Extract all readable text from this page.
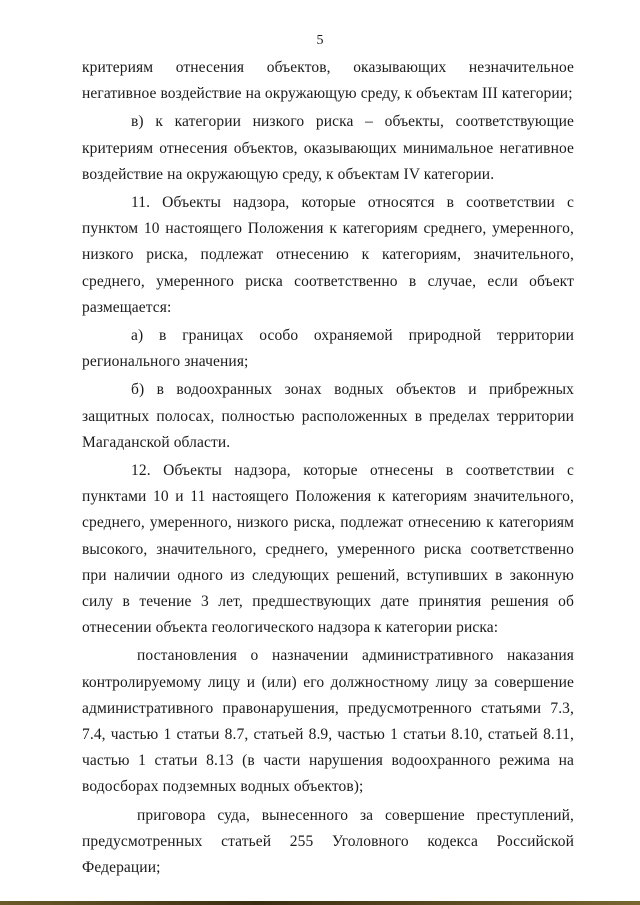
5

критериям отнесения объектов, оказывающих незначительное негативное воздействие на окружающую среду, к объектам III категории;

в) к категории низкого риска – объекты, соответствующие критериям отнесения объектов, оказывающих минимальное негативное воздействие на окружающую среду, к объектам IV категории.

11. Объекты надзора, которые относятся в соответствии с пунктом 10 настоящего Положения к категориям среднего, умеренного, низкого риска, подлежат отнесению к категориям, значительного, среднего, умеренного риска соответственно в случае, если объект размещается:

а) в границах особо охраняемой природной территории регионального значения;

б) в водоохранных зонах водных объектов и прибрежных защитных полосах, полностью расположенных в пределах территории Магаданской области.

12. Объекты надзора, которые отнесены в соответствии с пунктами 10 и 11 настоящего Положения к категориям значительного, среднего, умеренного, низкого риска, подлежат отнесению к категориям высокого, значительного, среднего, умеренного риска соответственно при наличии одного из следующих решений, вступивших в законную силу в течение 3 лет, предшествующих дате принятия решения об отнесении объекта геологического надзора к категории риска:

постановления о назначении административного наказания контролируемому лицу и (или) его должностному лицу за совершение административного правонарушения, предусмотренного статьями 7.3, 7.4, частью 1 статьи 8.7, статьей 8.9, частью 1 статьи 8.10, статьей 8.11, частью 1 статьи 8.13 (в части нарушения водоохранного режима на водосборах подземных водных объектов);

приговора суда, вынесенного за совершение преступлений, предусмотренных статьей 255 Уголовного кодекса Российской Федерации;
